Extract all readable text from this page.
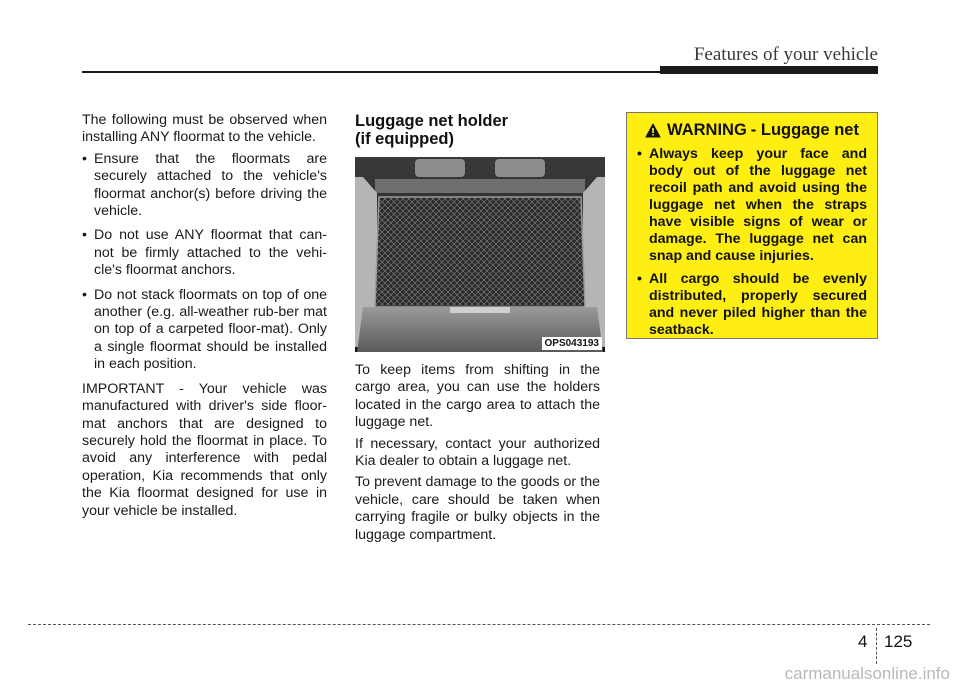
Features of your vehicle

The following must be observed when installing ANY floormat to the vehicle.

• Ensure that the floormats are securely attached to the vehicle's floormat anchor(s) before driving the vehicle.
• Do not use ANY floormat that can-not be firmly attached to the vehi-cle's floormat anchors.
• Do not stack floormats on top of one another (e.g. all-weather rub-ber mat on top of a carpeted floor-mat). Only a single floormat should be installed in each position.

IMPORTANT - Your vehicle was manufactured with driver's side floor-mat anchors that are designed to securely hold the floormat in place. To avoid any interference with pedal operation, Kia recommends that only the Kia floormat designed for use in your vehicle be installed.

Luggage net holder
(if equipped)
OPS043193

To keep items from shifting in the cargo area, you can use the holders located in the cargo area to attach the luggage net.

If necessary, contact your authorized Kia dealer to obtain a luggage net.

To prevent damage to the goods or the vehicle, care should be taken when carrying fragile or bulky objects in the luggage compartment.

WARNING - Luggage net
• Always keep your face and body out of the luggage net recoil path and avoid using the luggage net when the straps have visible signs of wear or damage. The luggage net can snap and cause injuries.
• All cargo should be evenly distributed, properly secured and never piled higher than the seatback.
4 125
carmanualsonline.info
